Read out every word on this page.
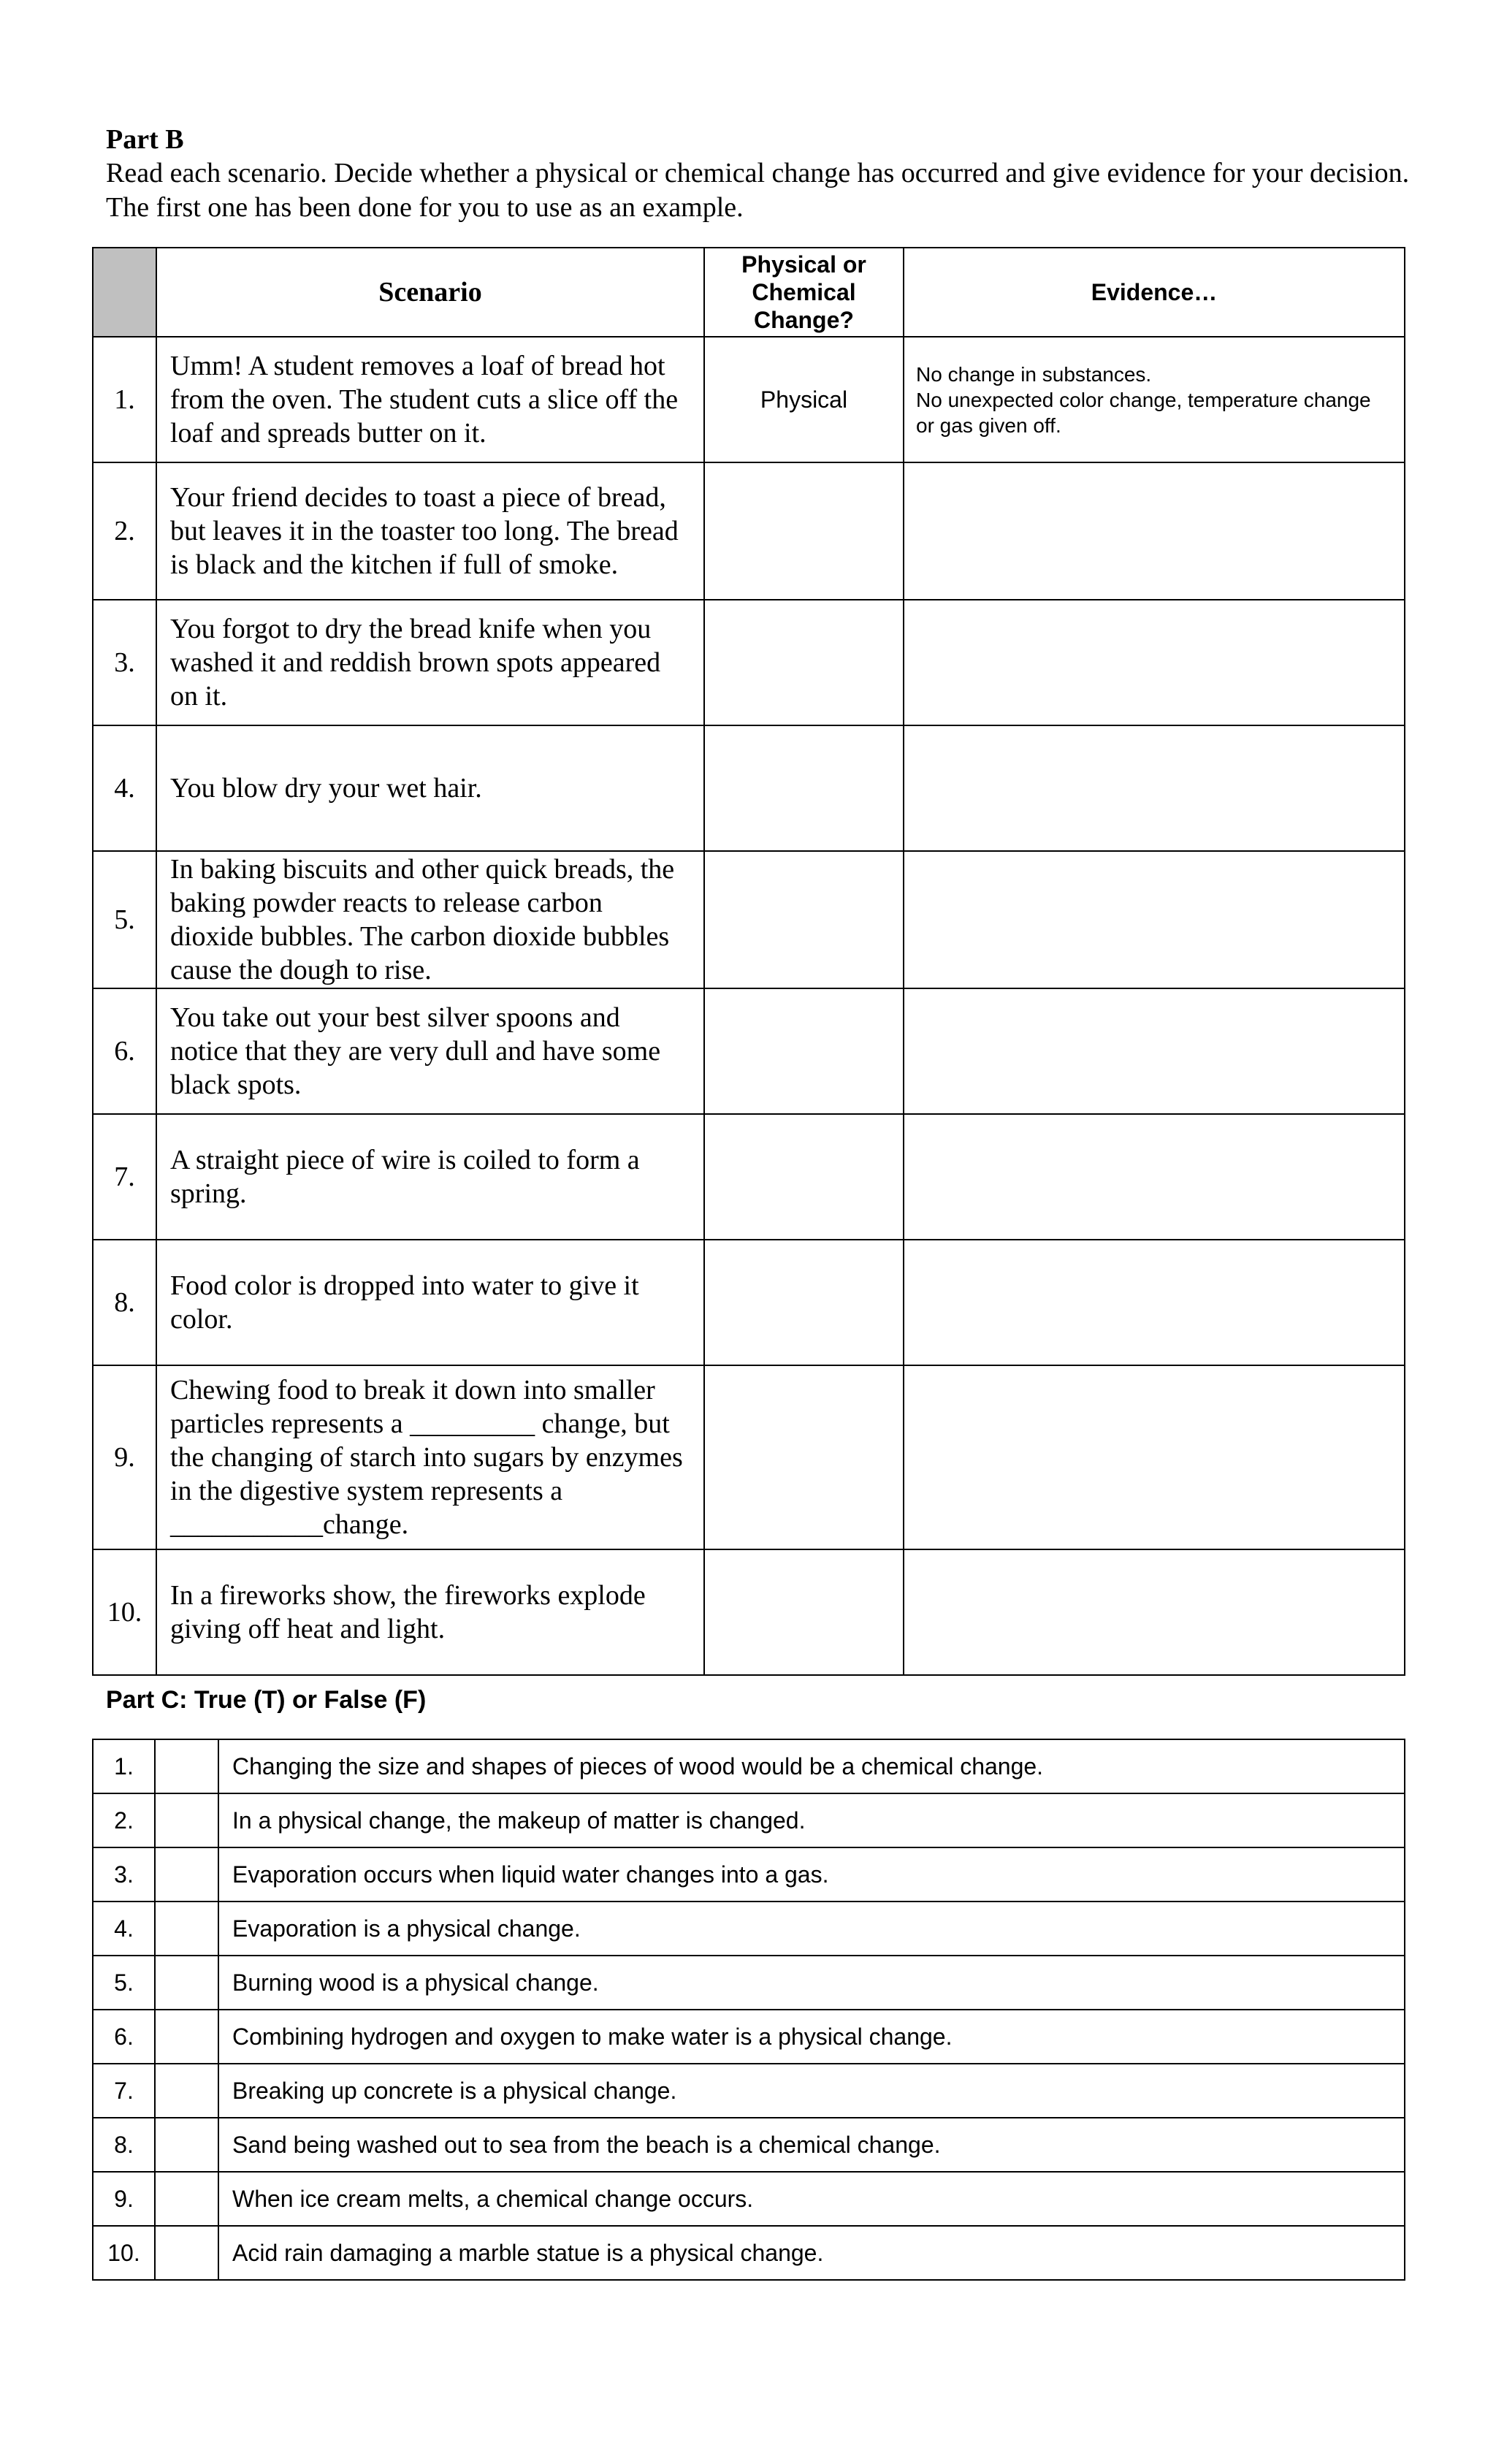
Part B
Read each scenario. Decide whether a physical or chemical change has occurred and give evidence for your decision. The first one has been done for you to use as an example.
	Scenario	Physical or
Chemical
Change?	Evidence…
1.	Umm! A student removes a loaf of bread hot from the oven. The student cuts a slice off the loaf and spreads butter on it.	Physical	No change in substances.
No unexpected color change, temperature change or gas given off.

2.	Your friend decides to toast a piece of bread, but leaves it in the toaster too long. The bread is black and the kitchen if full of smoke.		
3.	You forgot to dry the bread knife when you washed it and reddish brown spots appeared on it.		
4.	You blow dry your wet hair.		
5.	In baking biscuits and other quick breads, the baking powder reacts to release carbon dioxide bubbles. The carbon dioxide bubbles cause the dough to rise.		
6.	You take out your best silver spoons and notice that they are very dull and have some black spots.		
7.	A straight piece of wire is coiled to form a spring.		
8.	Food color is dropped into water to give it color.		
9.	Chewing food to break it down into smaller particles represents a _________ change, but the changing of starch into sugars by enzymes in the digestive system represents a ___________change.		
10.	In a fireworks show, the fireworks explode giving off heat and light.		
Part C: True (T) or False (F)
1.		Changing the size and shapes of pieces of wood would be a chemical change.
2.		In a physical change, the makeup of matter is changed.
3.		Evaporation occurs when liquid water changes into a gas.
4.		Evaporation is a physical change.
5.		Burning wood is a physical change.
6.		Combining hydrogen and oxygen to make water is a physical change.
7.		Breaking up concrete is a physical change.
8.		Sand being washed out to sea from the beach is a chemical change.
9.		When ice cream melts, a chemical change occurs.
10.		Acid rain damaging a marble statue is a physical change.
